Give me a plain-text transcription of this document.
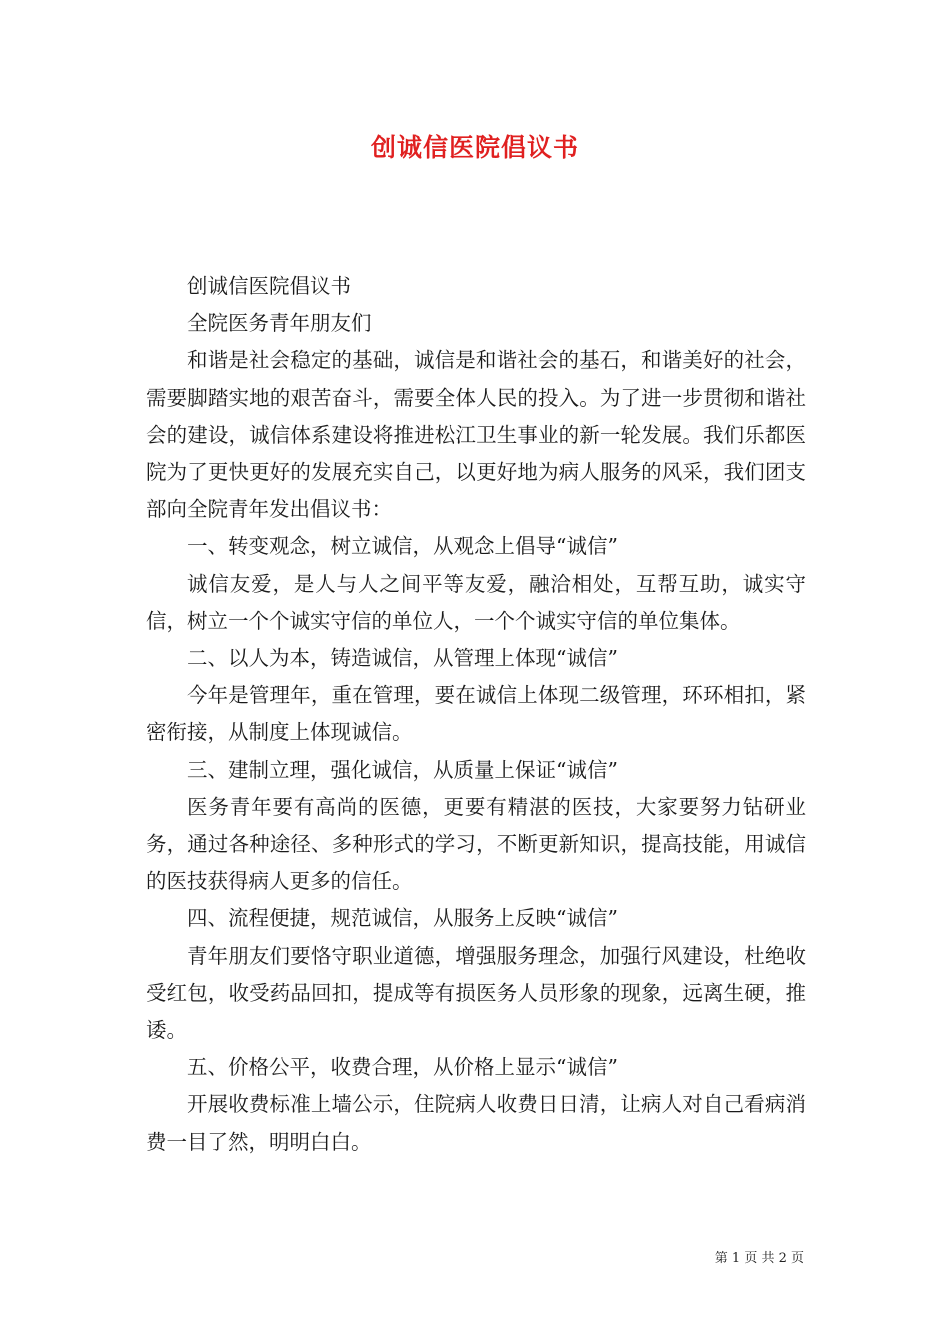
创诚信医院倡议书

创诚信医院倡议书

全院医务青年朋友们

和谐是社会稳定的基础，诚信是和谐社会的基石，和谐美好的社会，需要脚踏实地的艰苦奋斗，需要全体人民的投入。为了进一步贯彻和谐社会的建设，诚信体系建设将推进松江卫生事业的新一轮发展。我们乐都医院为了更快更好的发展充实自己，以更好地为病人服务的风采，我们团支部向全院青年发出倡议书：

一、转变观念，树立诚信，从观念上倡导“诚信”

诚信友爱，是人与人之间平等友爱，融洽相处，互帮互助，诚实守信，树立一个个诚实守信的单位人，一个个诚实守信的单位集体。

二、以人为本，铸造诚信，从管理上体现“诚信”

今年是管理年，重在管理，要在诚信上体现二级管理，环环相扣，紧密衔接，从制度上体现诚信。

三、建制立理，强化诚信，从质量上保证“诚信”

医务青年要有高尚的医德，更要有精湛的医技，大家要努力钻研业务，通过各种途径、多种形式的学习，不断更新知识，提高技能，用诚信的医技获得病人更多的信任。

四、流程便捷，规范诚信，从服务上反映“诚信”

青年朋友们要恪守职业道德，增强服务理念，加强行风建设，杜绝收受红包，收受药品回扣，提成等有损医务人员形象的现象，远离生硬，推诿。

五、价格公平，收费合理，从价格上显示“诚信”

开展收费标准上墙公示，住院病人收费日日清，让病人对自己看病消费一目了然，明明白白。

第 1 页 共 2 页
